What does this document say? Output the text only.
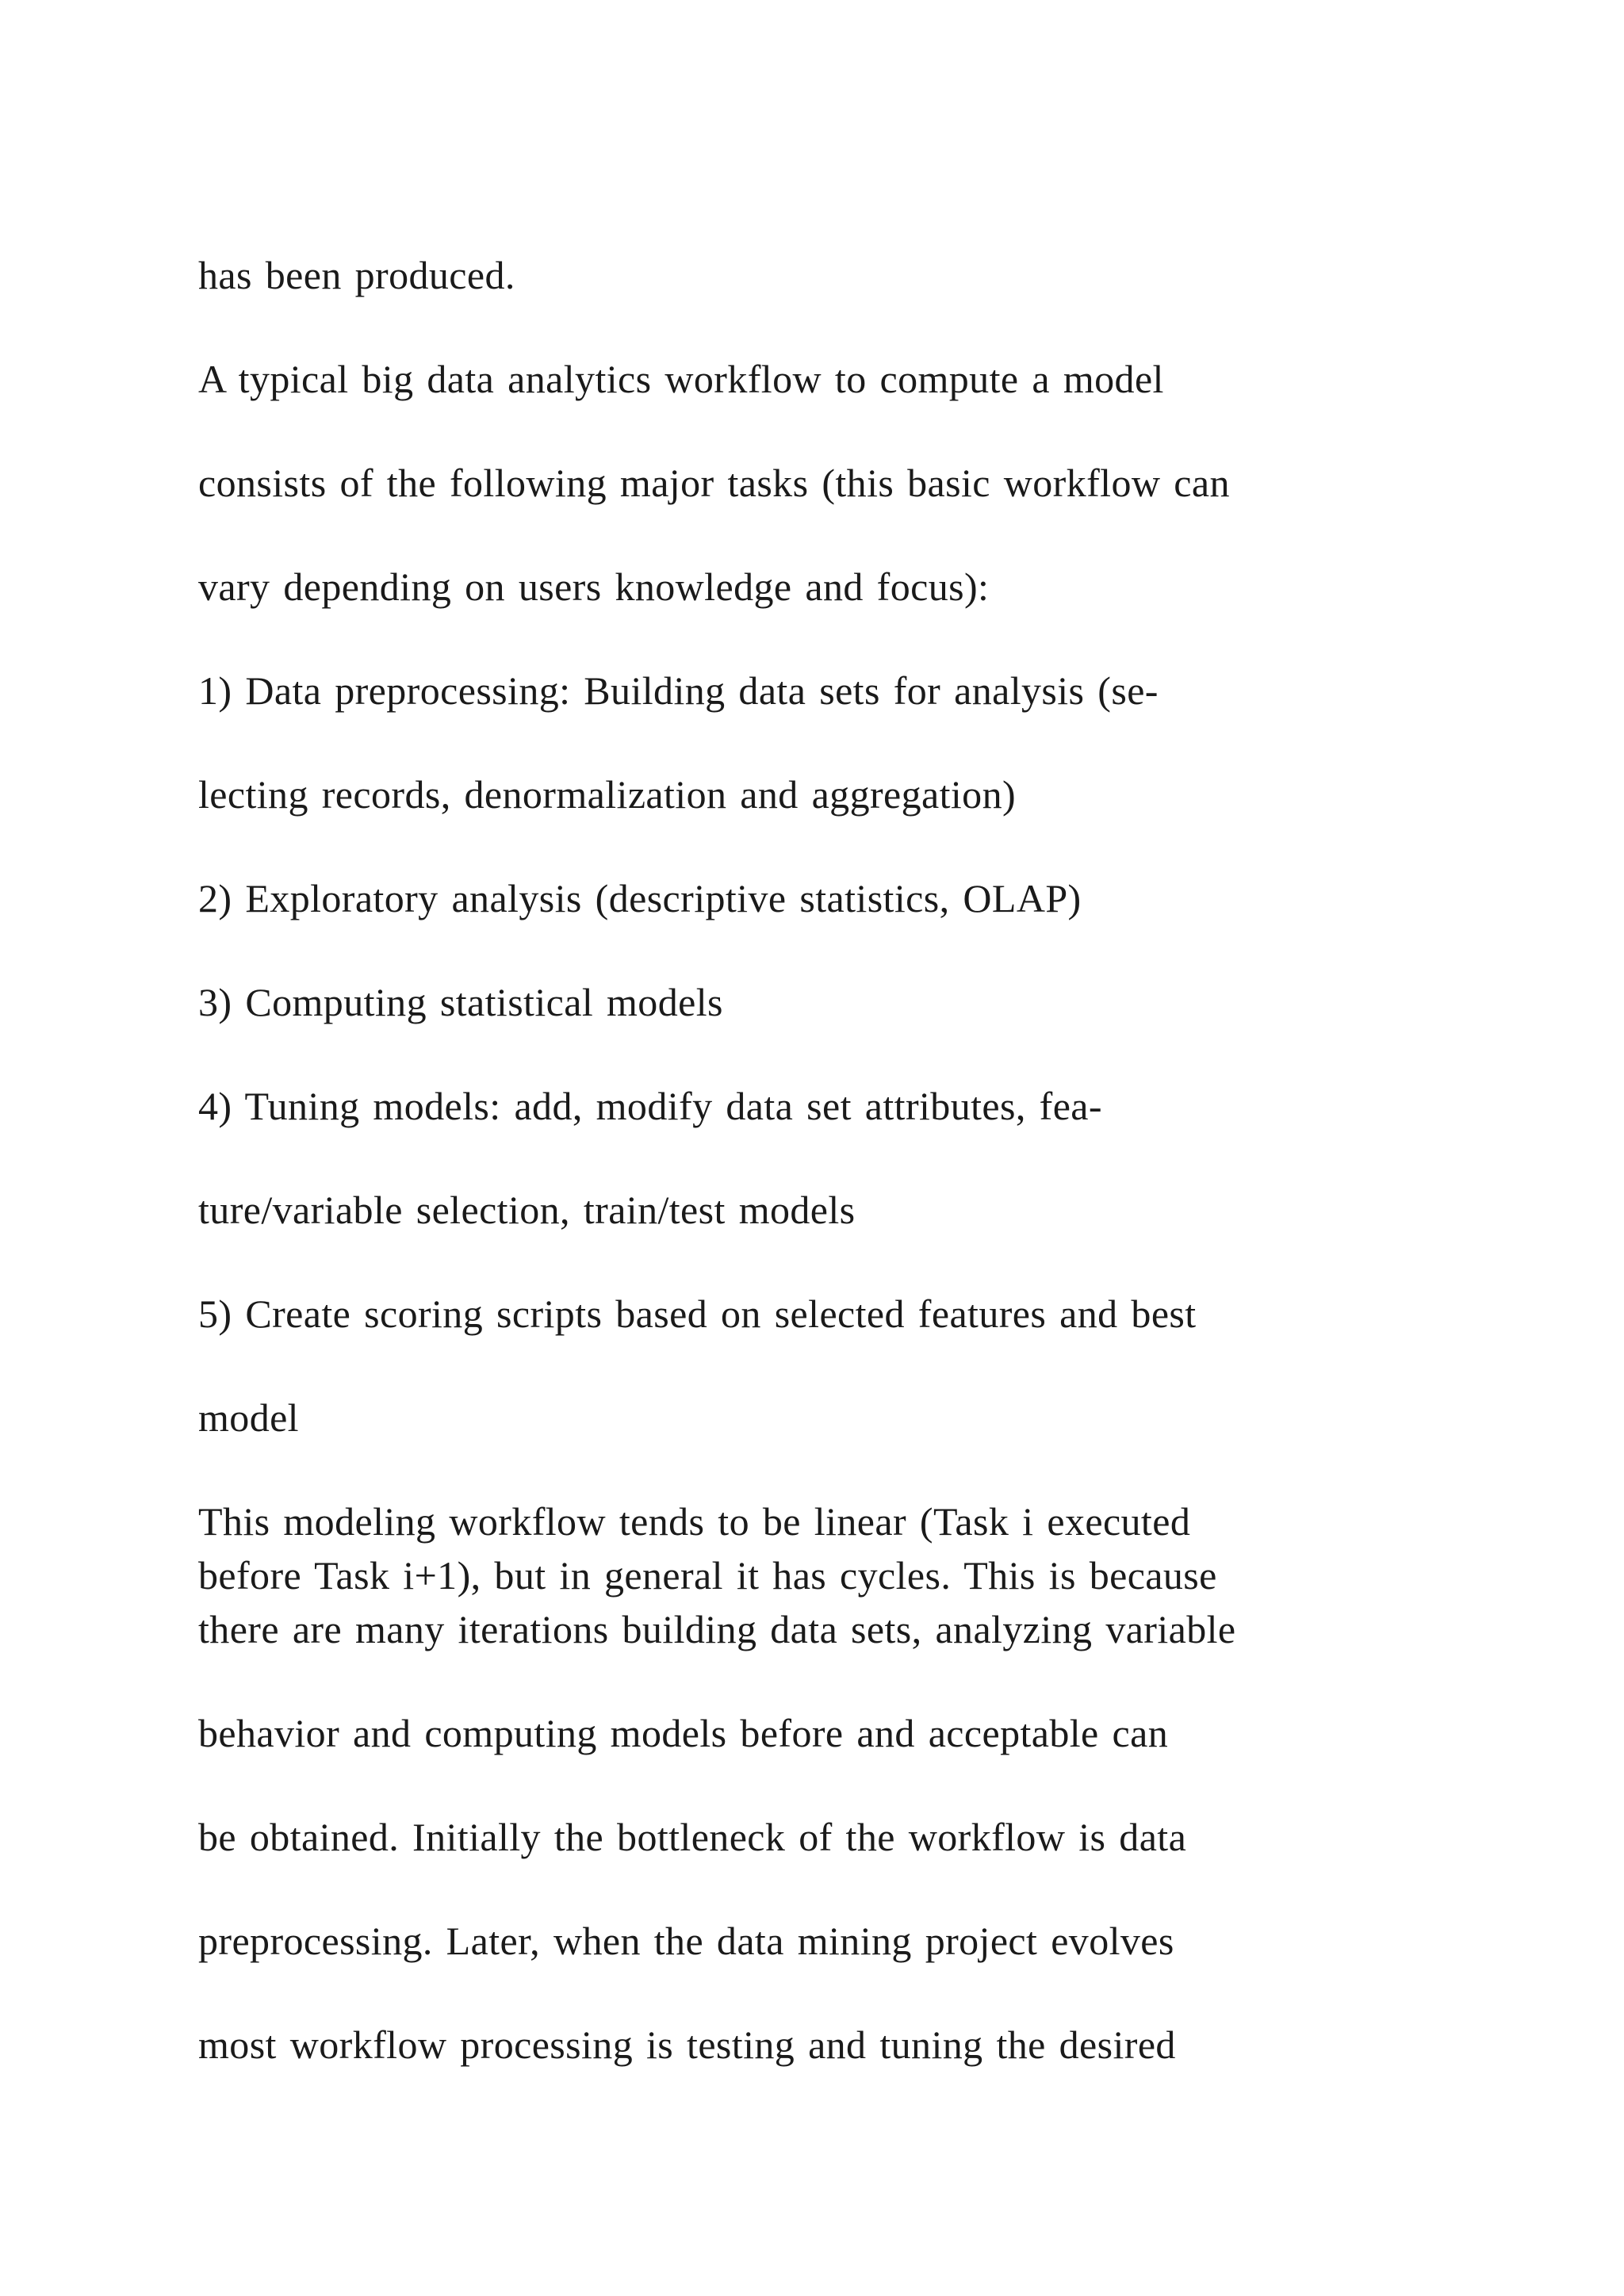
has been produced.

A typical big data analytics workflow to compute a model

consists of the following major tasks (this basic workflow can

vary depending on users knowledge and focus):

1) Data preprocessing: Building data sets for analysis (se-

lecting records, denormalization and aggregation)

2) Exploratory analysis (descriptive statistics, OLAP)

3) Computing statistical models

4) Tuning models: add, modify data set attributes, fea-

ture/variable selection, train/test models

5) Create scoring scripts based on selected features and best

model

This modeling workflow tends to be linear (Task i executed

before Task i+1), but in general it has cycles. This is because

there are many iterations building data sets, analyzing variable

behavior and computing models before and acceptable can

be obtained. Initially the bottleneck of the workflow is data

preprocessing. Later, when the data mining project evolves

most workflow processing is testing and tuning the desired
